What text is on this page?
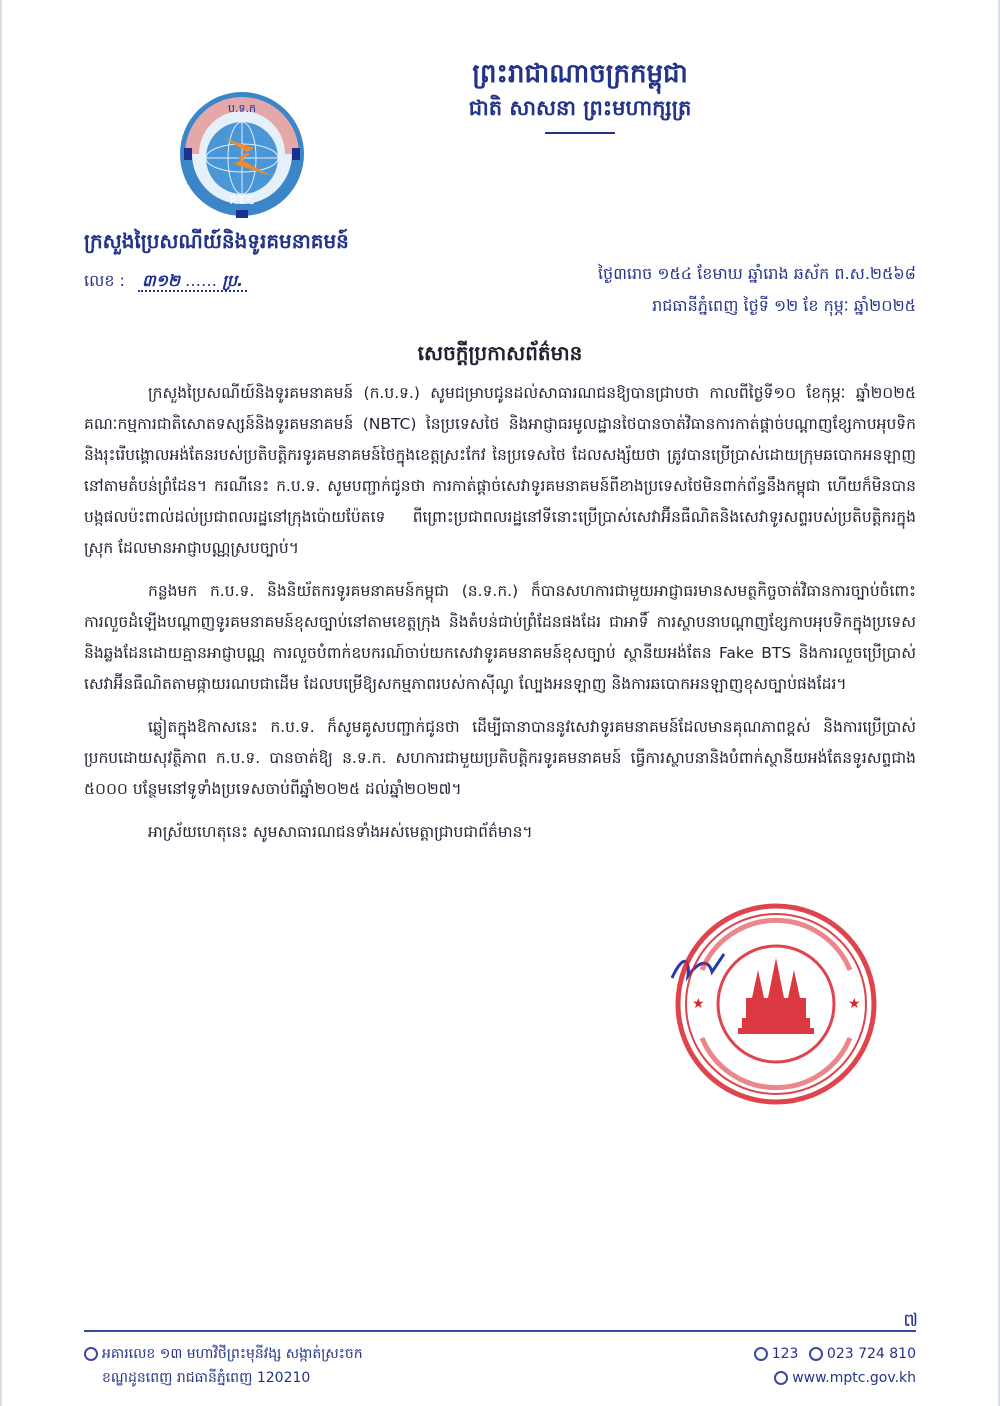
ព្រះរាជាណាចក្រកម្ពុជា
ជាតិ សាសនា ព្រះមហាក្សត្រ
ប.ទ.ក
P.T.C
ក្រសួងប្រៃសណីយ៍និងទូរគមនាគមន៍
លេខ : ៣១២ …… ប្រ.	ថ្ងៃ៣រោច ១៥៤ ខែមាឃ ឆ្នាំរោង ឆស័ក ព.ស.២៥៦៨
រាជធានីភ្នំពេញ ថ្ងៃទី ១២ ខែ កុម្ភៈ ឆ្នាំ២០២៥
សេចក្តីប្រកាសព័ត៌មាន

ក្រសួងប្រៃសណីយ៍និងទូរគមនាគមន៍ (ក.ប.ទ.) សូមជម្រាបជូនដល់សាធារណជនឱ្យបានជ្រាបថា កាលពីថ្ងៃទី១០ ខែកុម្ភៈ ឆ្នាំ២០២៥ គណៈកម្មការជាតិសោតទស្សន៍និងទូរគមនាគមន៍ (NBTC) នៃប្រទេសថៃ និងអាជ្ញាធរមូលដ្ឋានថៃបានចាត់វិធានការកាត់ផ្តាច់បណ្តាញខ្សែកាបអុបទិក និងរុះរើបង្គោលអង់តែនរបស់ប្រតិបត្តិករទូរគមនាគមន៍ថៃក្នុងខេត្តស្រះកែវ នៃប្រទេសថៃ ដែលសង្ស័យថា ត្រូវបានប្រើប្រាស់ដោយក្រុមឆបោកអនឡាញនៅតាមតំបន់ព្រំដែន។ ករណីនេះ ក.ប.ទ. សូមបញ្ជាក់ជូនថា ការកាត់ផ្តាច់សេវាទូរគមនាគមន៍ពីខាងប្រទេសថៃមិនពាក់ព័ន្ធនឹងកម្ពុជា ហើយក៏មិនបានបង្កផលប៉ះពាល់ដល់ប្រជាពលរដ្ឋនៅក្រុងប៉ោយប៉ែតទេ ពីព្រោះប្រជាពលរដ្ឋនៅទីនោះប្រើប្រាស់សេវាអ៊ីនធឺណិតនិងសេវាទូរសព្ទរបស់ប្រតិបត្តិករក្នុងស្រុក ដែលមានអាជ្ញាបណ្ណស្របច្បាប់។

កន្លងមក ក.ប.ទ. និងនិយ័តករទូរគមនាគមន៍កម្ពុជា (ន.ទ.ក.) ក៏បានសហការជាមួយអាជ្ញាធរមានសមត្ថកិច្ចចាត់វិធានការច្បាប់ចំពោះការលួចដំឡើងបណ្តាញទូរគមនាគមន៍ខុសច្បាប់នៅតាមខេត្តក្រុង និងតំបន់ជាប់ព្រំដែនផងដែរ ជាអាទិ៍ ការស្ថាបនាបណ្តាញខ្សែកាបអុបទិកក្នុងប្រទេសនិងឆ្លងដែនដោយគ្មានអាជ្ញាបណ្ណ ការលួចបំពាក់ឧបករណ៍ចាប់យកសេវាទូរគមនាគមន៍ខុសច្បាប់ ស្ថានីយអង់តែន Fake BTS និងការលួចប្រើប្រាស់សេវាអ៊ីនធឺណិតតាមផ្កាយរណបជាដើម ដែលបម្រើឱ្យសកម្មភាពរបស់កាស៊ីណូ ល្បែងអនឡាញ និងការឆបោកអនឡាញខុសច្បាប់ផងដែរ។

ឆ្លៀតក្នុងឱកាសនេះ ក.ប.ទ. ក៏សូមគូសបញ្ជាក់ជូនថា ដើម្បីធានាបាននូវសេវាទូរគមនាគមន៍ដែលមានគុណភាពខ្ពស់ និងការប្រើប្រាស់ប្រកបដោយសុវត្ថិភាព ក.ប.ទ. បានចាត់ឱ្យ ន.ទ.ក. សហការជាមួយប្រតិបត្តិករទូរគមនាគមន៍ ធ្វើការស្ថាបនានិងបំពាក់ស្ថានីយអង់តែនទូរសព្ទជាង ៥០០០ បន្ថែមនៅទូទាំងប្រទេសចាប់ពីឆ្នាំ២០២៥ ដល់ឆ្នាំ២០២៧។

អាស្រ័យហេតុនេះ សូមសាធារណជនទាំងអស់មេត្តាជ្រាបជាព័ត៌មាន។

★	★
៧
អគារលេខ ១៣ មហាវិថីព្រះមុនីវង្ស សង្កាត់ស្រះចក
ខណ្ឌដូនពេញ រាជធានីភ្នំពេញ 120210
123 023 724 810
www.mptc.gov.kh
